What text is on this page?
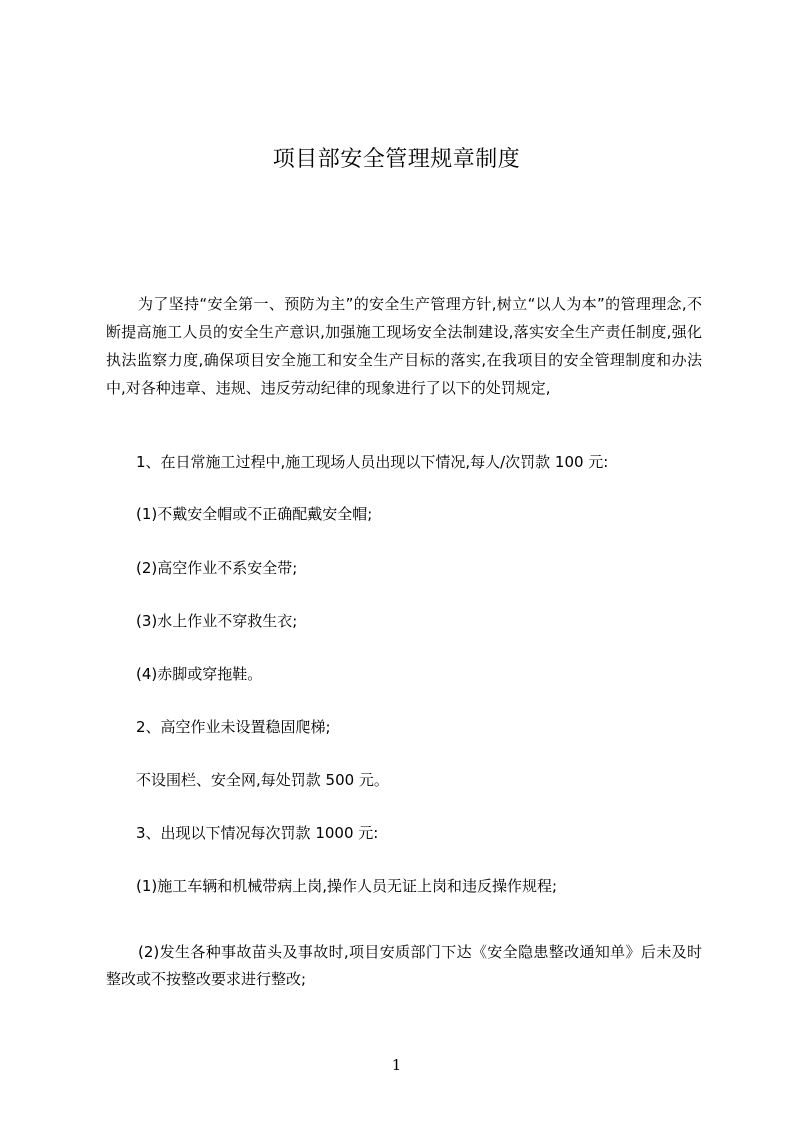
项目部安全管理规章制度

为了坚持“安全第一、预防为主”的安全生产管理方针,树立“以人为本”的管理理念,不断提高施工人员的安全生产意识,加强施工现场安全法制建设,落实安全生产责任制度,强化执法监察力度,确保项目安全施工和安全生产目标的落实,在我项目的安全管理制度和办法中,对各种违章、违规、违反劳动纪律的现象进行了以下的处罚规定,

1、在日常施工过程中,施工现场人员出现以下情况,每人/次罚款 100 元:

(1)不戴安全帽或不正确配戴安全帽;

(2)高空作业不系安全带;

(3)水上作业不穿救生衣;

(4)赤脚或穿拖鞋。

2、高空作业未设置稳固爬梯;

不设围栏、安全网,每处罚款 500 元。

3、出现以下情况每次罚款 1000 元:

(1)施工车辆和机械带病上岗,操作人员无证上岗和违反操作规程;

(2)发生各种事故苗头及事故时,项目安质部门下达《安全隐患整改通知单》后未及时整改或不按整改要求进行整改;

1
